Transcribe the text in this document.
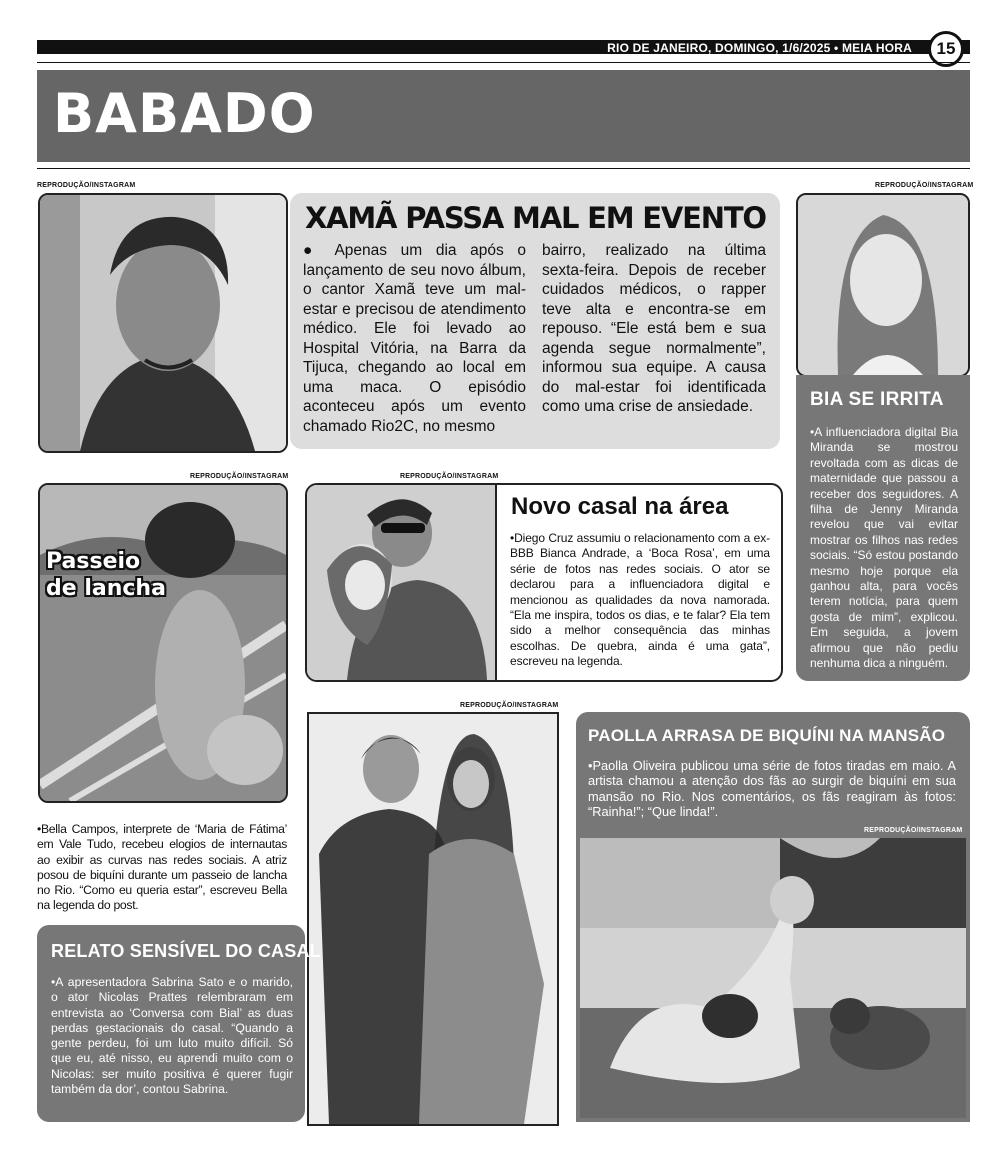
RIO DE JANEIRO, DOMINGO, 1/6/2025 • MEIA HORA	15
BABADO
REPRODUÇÃO/INSTAGRAM
XAMÃ PASSA MAL EM EVENTO
● Apenas um dia após o lançamento de seu novo álbum, o cantor Xamã teve um mal-estar e precisou de atendimento médico. Ele foi levado ao Hospital Vitória, na Barra da Tijuca, chegando ao local em uma maca. O episódio aconteceu após um evento chamado Rio2C, no mesmo
bairro, realizado na última sexta-feira. Depois de receber cuidados médicos, o rapper teve alta e encontra-se em repouso. “Ele está bem e sua agenda segue normalmente”, informou sua equipe. A causa do mal-estar foi identificada como uma crise de ansiedade.
REPRODUÇÃO/INSTAGRAM
BIA SE IRRITA
•A influenciadora digital Bia Miranda se mostrou revoltada com as dicas de maternidade que passou a receber dos seguidores. A filha de Jenny Miranda revelou que vai evitar mostrar os filhos nas redes sociais. “Só estou postando mesmo hoje porque ela ganhou alta, para vocês terem notícia, para quem gosta de mim”, explicou. Em seguida, a jovem afirmou que não pediu nenhuma dica a ninguém.
REPRODUÇÃO/INSTAGRAM
Passeio
de lancha
•Bella Campos, interprete de ‘Maria de Fátima’ em Vale Tudo, recebeu elogios de internautas ao exibir as curvas nas redes sociais. A atriz posou de biquíni durante um passeio de lancha no Rio. “Como eu queria estar”, escreveu Bella na legenda do post.
REPRODUÇÃO/INSTAGRAM
Novo casal na área
•Diego Cruz assumiu o relacionamento com a ex-BBB Bianca Andrade, a ‘Boca Rosa’, em uma série de fotos nas redes sociais. O ator se declarou para a influenciadora digital e mencionou as qualidades da nova namorada. “Ela me inspira, todos os dias, e te falar? Ela tem sido a melhor consequência das minhas escolhas. De quebra, ainda é uma gata”, escreveu na legenda.
REPRODUÇÃO/INSTAGRAM
RELATO SENSÍVEL DO CASAL
•A apresentadora Sabrina Sato e o marido, o ator Nicolas Prattes relembraram em entrevista ao ‘Conversa com Bial’ as duas perdas gestacionais do casal. “Quando a gente perdeu, foi um luto muito difícil. Só que eu, até nisso, eu aprendi muito com o Nicolas: ser muito positiva é querer fugir também da dor’, contou Sabrina.
PAOLLA ARRASA DE BIQUÍNI NA MANSÃO
•Paolla Oliveira publicou uma série de fotos tiradas em maio. A artista chamou a atenção dos fãs ao surgir de biquíni em sua mansão no Rio. Nos comentários, os fãs reagiram às fotos: “Rainha!”; “Que linda!”.
REPRODUÇÃO/INSTAGRAM
